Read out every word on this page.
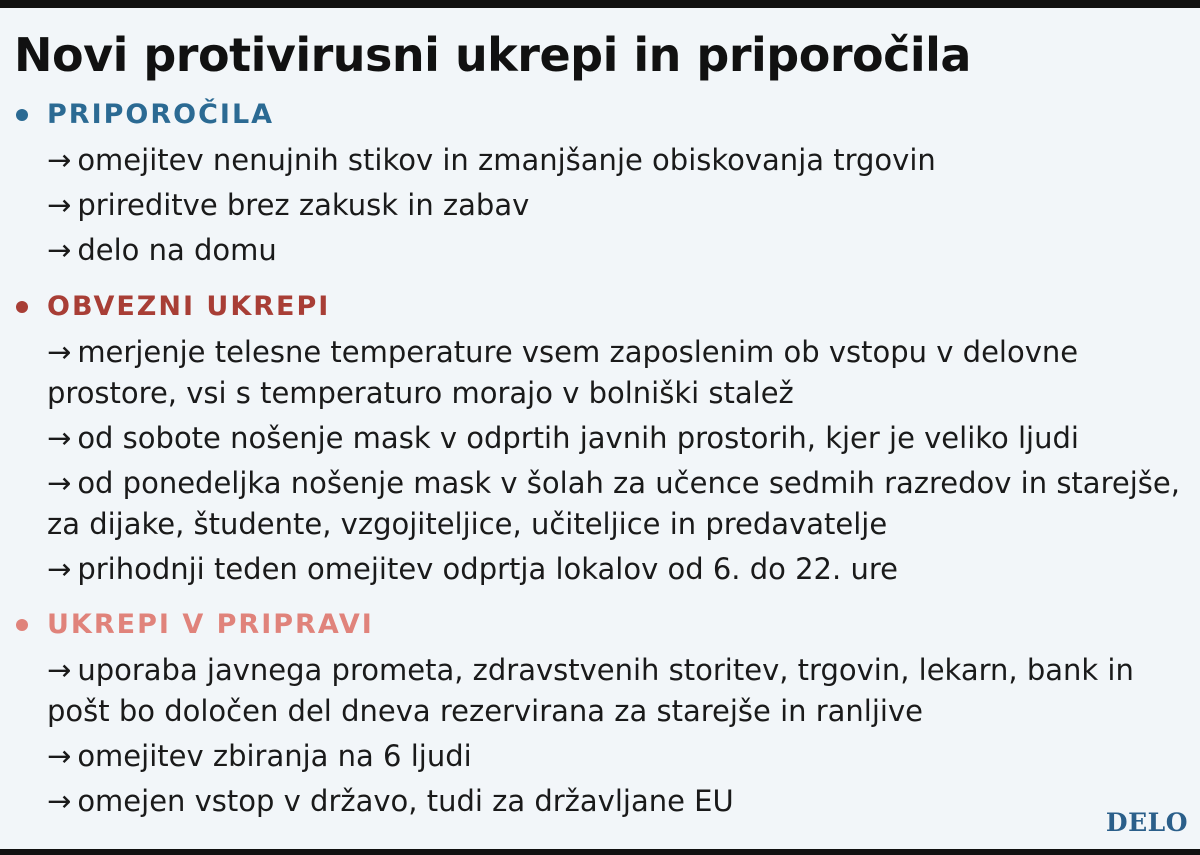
Novi protivirusni ukrepi in priporočila
PRIPOROČILA
→ omejitev nenujnih stikov in zmanjšanje obiskovanja trgovin
→ prireditve brez zakusk in zabav
→ delo na domu
OBVEZNI UKREPI
→ merjenje telesne temperature vsem zaposlenim ob vstopu v delovne prostore, vsi s temperaturo morajo v bolniški stalež
→ od sobote nošenje mask v odprtih javnih prostorih, kjer je veliko ljudi
→ od ponedeljka nošenje mask v šolah za učence sedmih razredov in starejše, za dijake, študente, vzgojiteljice, učiteljice in predavatelje
→ prihodnji teden omejitev odprtja lokalov od 6. do 22. ure
UKREPI V PRIPRAVI
→ uporaba javnega prometa, zdravstvenih storitev, trgovin, lekarn, bank in pošt bo določen del dneva rezervirana za starejše in ranljive
→ omejitev zbiranja na 6 ljudi
→ omejen vstop v državo, tudi za državljane EU
DELO
